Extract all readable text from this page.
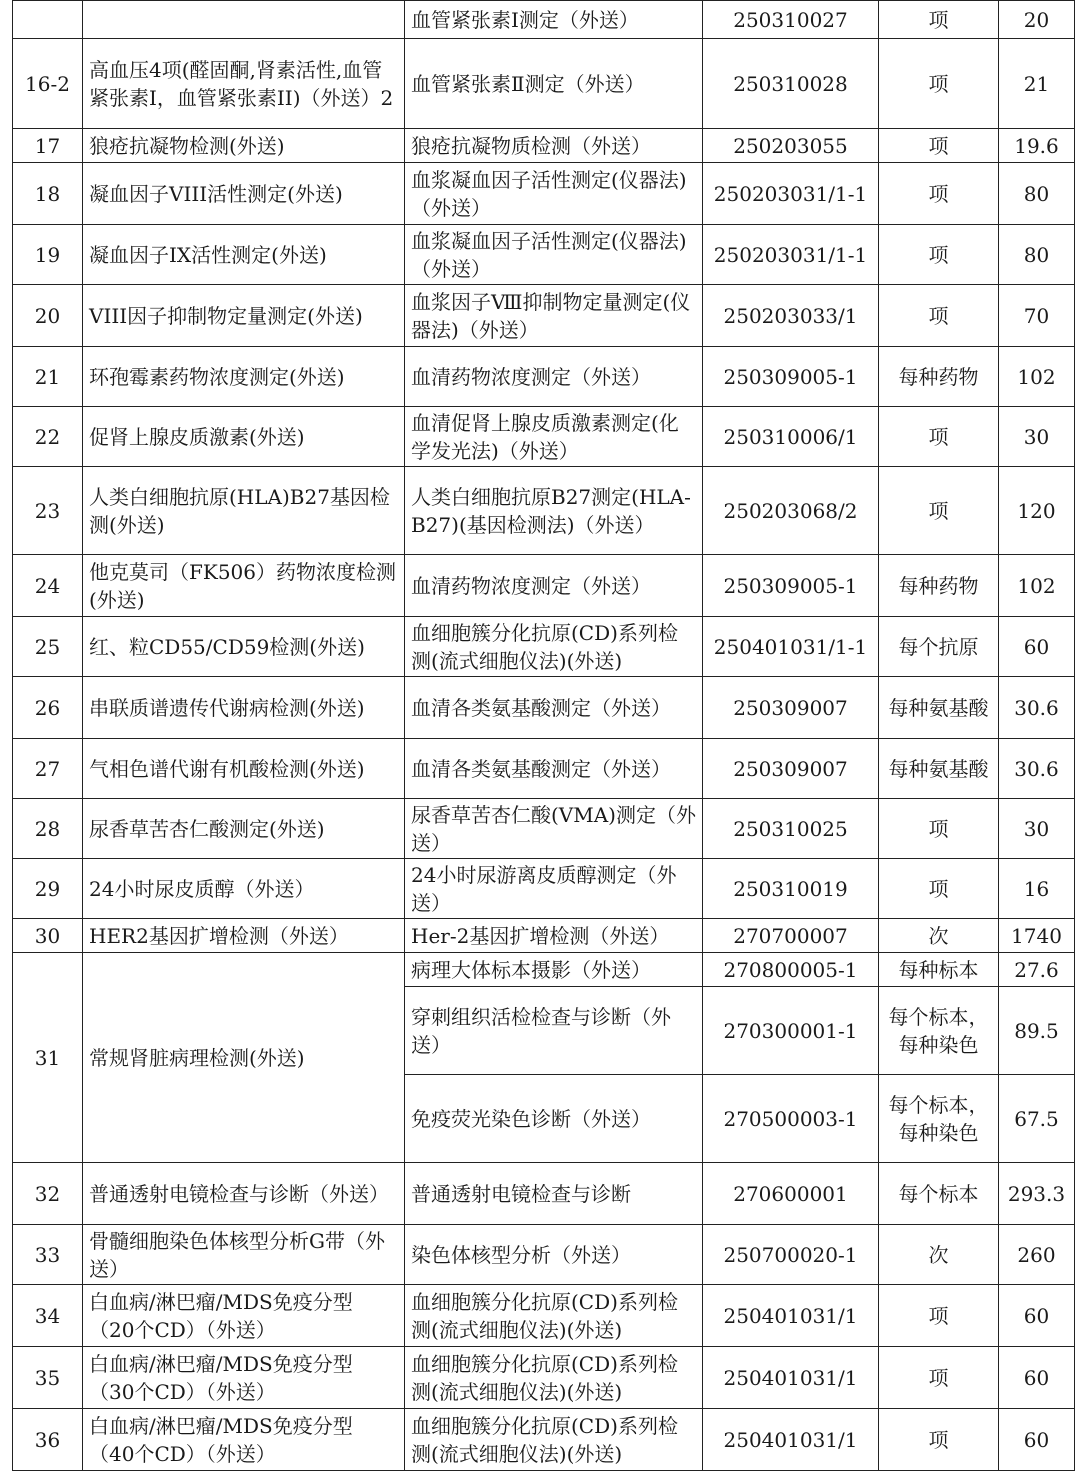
		血管紧张素Ⅰ测定（外送）	250310027	项	20
16-2	高血压4项(醛固酮,肾素活性,血管紧张素I，血管紧张素II)（外送）2	血管紧张素Ⅱ测定（外送）	250310028	项	21
17	狼疮抗凝物检测(外送)	狼疮抗凝物质检测（外送）	250203055	项	19.6
18	凝血因子VIII活性测定(外送)	血浆凝血因子活性测定(仪器法)（外送）	250203031/1-1	项	80
19	凝血因子IX活性测定(外送)	血浆凝血因子活性测定(仪器法)（外送）	250203031/1-1	项	80
20	VIII因子抑制物定量测定(外送)	血浆因子Ⅷ抑制物定量测定(仪器法)（外送）	250203033/1	项	70
21	环孢霉素药物浓度测定(外送)	血清药物浓度测定（外送）	250309005-1	每种药物	102
22	促肾上腺皮质激素(外送)	血清促肾上腺皮质激素测定(化学发光法)（外送）	250310006/1	项	30
23	人类白细胞抗原(HLA)B27基因检测(外送)	人类白细胞抗原B27测定(HLA-B27)(基因检测法)（外送）	250203068/2	项	120
24	他克莫司（FK506）药物浓度检测(外送)	血清药物浓度测定（外送）	250309005-1	每种药物	102
25	红、粒CD55/CD59检测(外送)	血细胞簇分化抗原(CD)系列检测(流式细胞仪法)(外送)	250401031/1-1	每个抗原	60
26	串联质谱遗传代谢病检测(外送)	血清各类氨基酸测定（外送）	250309007	每种氨基酸	30.6
27	气相色谱代谢有机酸检测(外送)	血清各类氨基酸测定（外送）	250309007	每种氨基酸	30.6
28	尿香草苦杏仁酸测定(外送)	尿香草苦杏仁酸(VMA)测定（外送）	250310025	项	30
29	24小时尿皮质醇（外送）	24小时尿游离皮质醇测定（外送）	250310019	项	16
30	HER2基因扩增检测（外送）	Her-2基因扩增检测（外送）	270700007	次	1740
31	常规肾脏病理检测(外送)	病理大体标本摄影（外送）	270800005-1	每种标本	27.6
		穿刺组织活检检查与诊断（外送）	270300001-1	每个标本，每种染色	89.5
		免疫荧光染色诊断（外送）	270500003-1	每个标本，每种染色	67.5
32	普通透射电镜检查与诊断（外送）	普通透射电镜检查与诊断	270600001	每个标本	293.3
33	骨髓细胞染色体核型分析G带（外送）	染色体核型分析（外送）	250700020-1	次	260
34	白血病/淋巴瘤/MDS免疫分型（20个CD）（外送）	血细胞簇分化抗原(CD)系列检测(流式细胞仪法)(外送)	250401031/1	项	60
35	白血病/淋巴瘤/MDS免疫分型（30个CD）（外送）	血细胞簇分化抗原(CD)系列检测(流式细胞仪法)(外送)	250401031/1	项	60
36	白血病/淋巴瘤/MDS免疫分型（40个CD）（外送）	血细胞簇分化抗原(CD)系列检测(流式细胞仪法)(外送)	250401031/1	项	60
